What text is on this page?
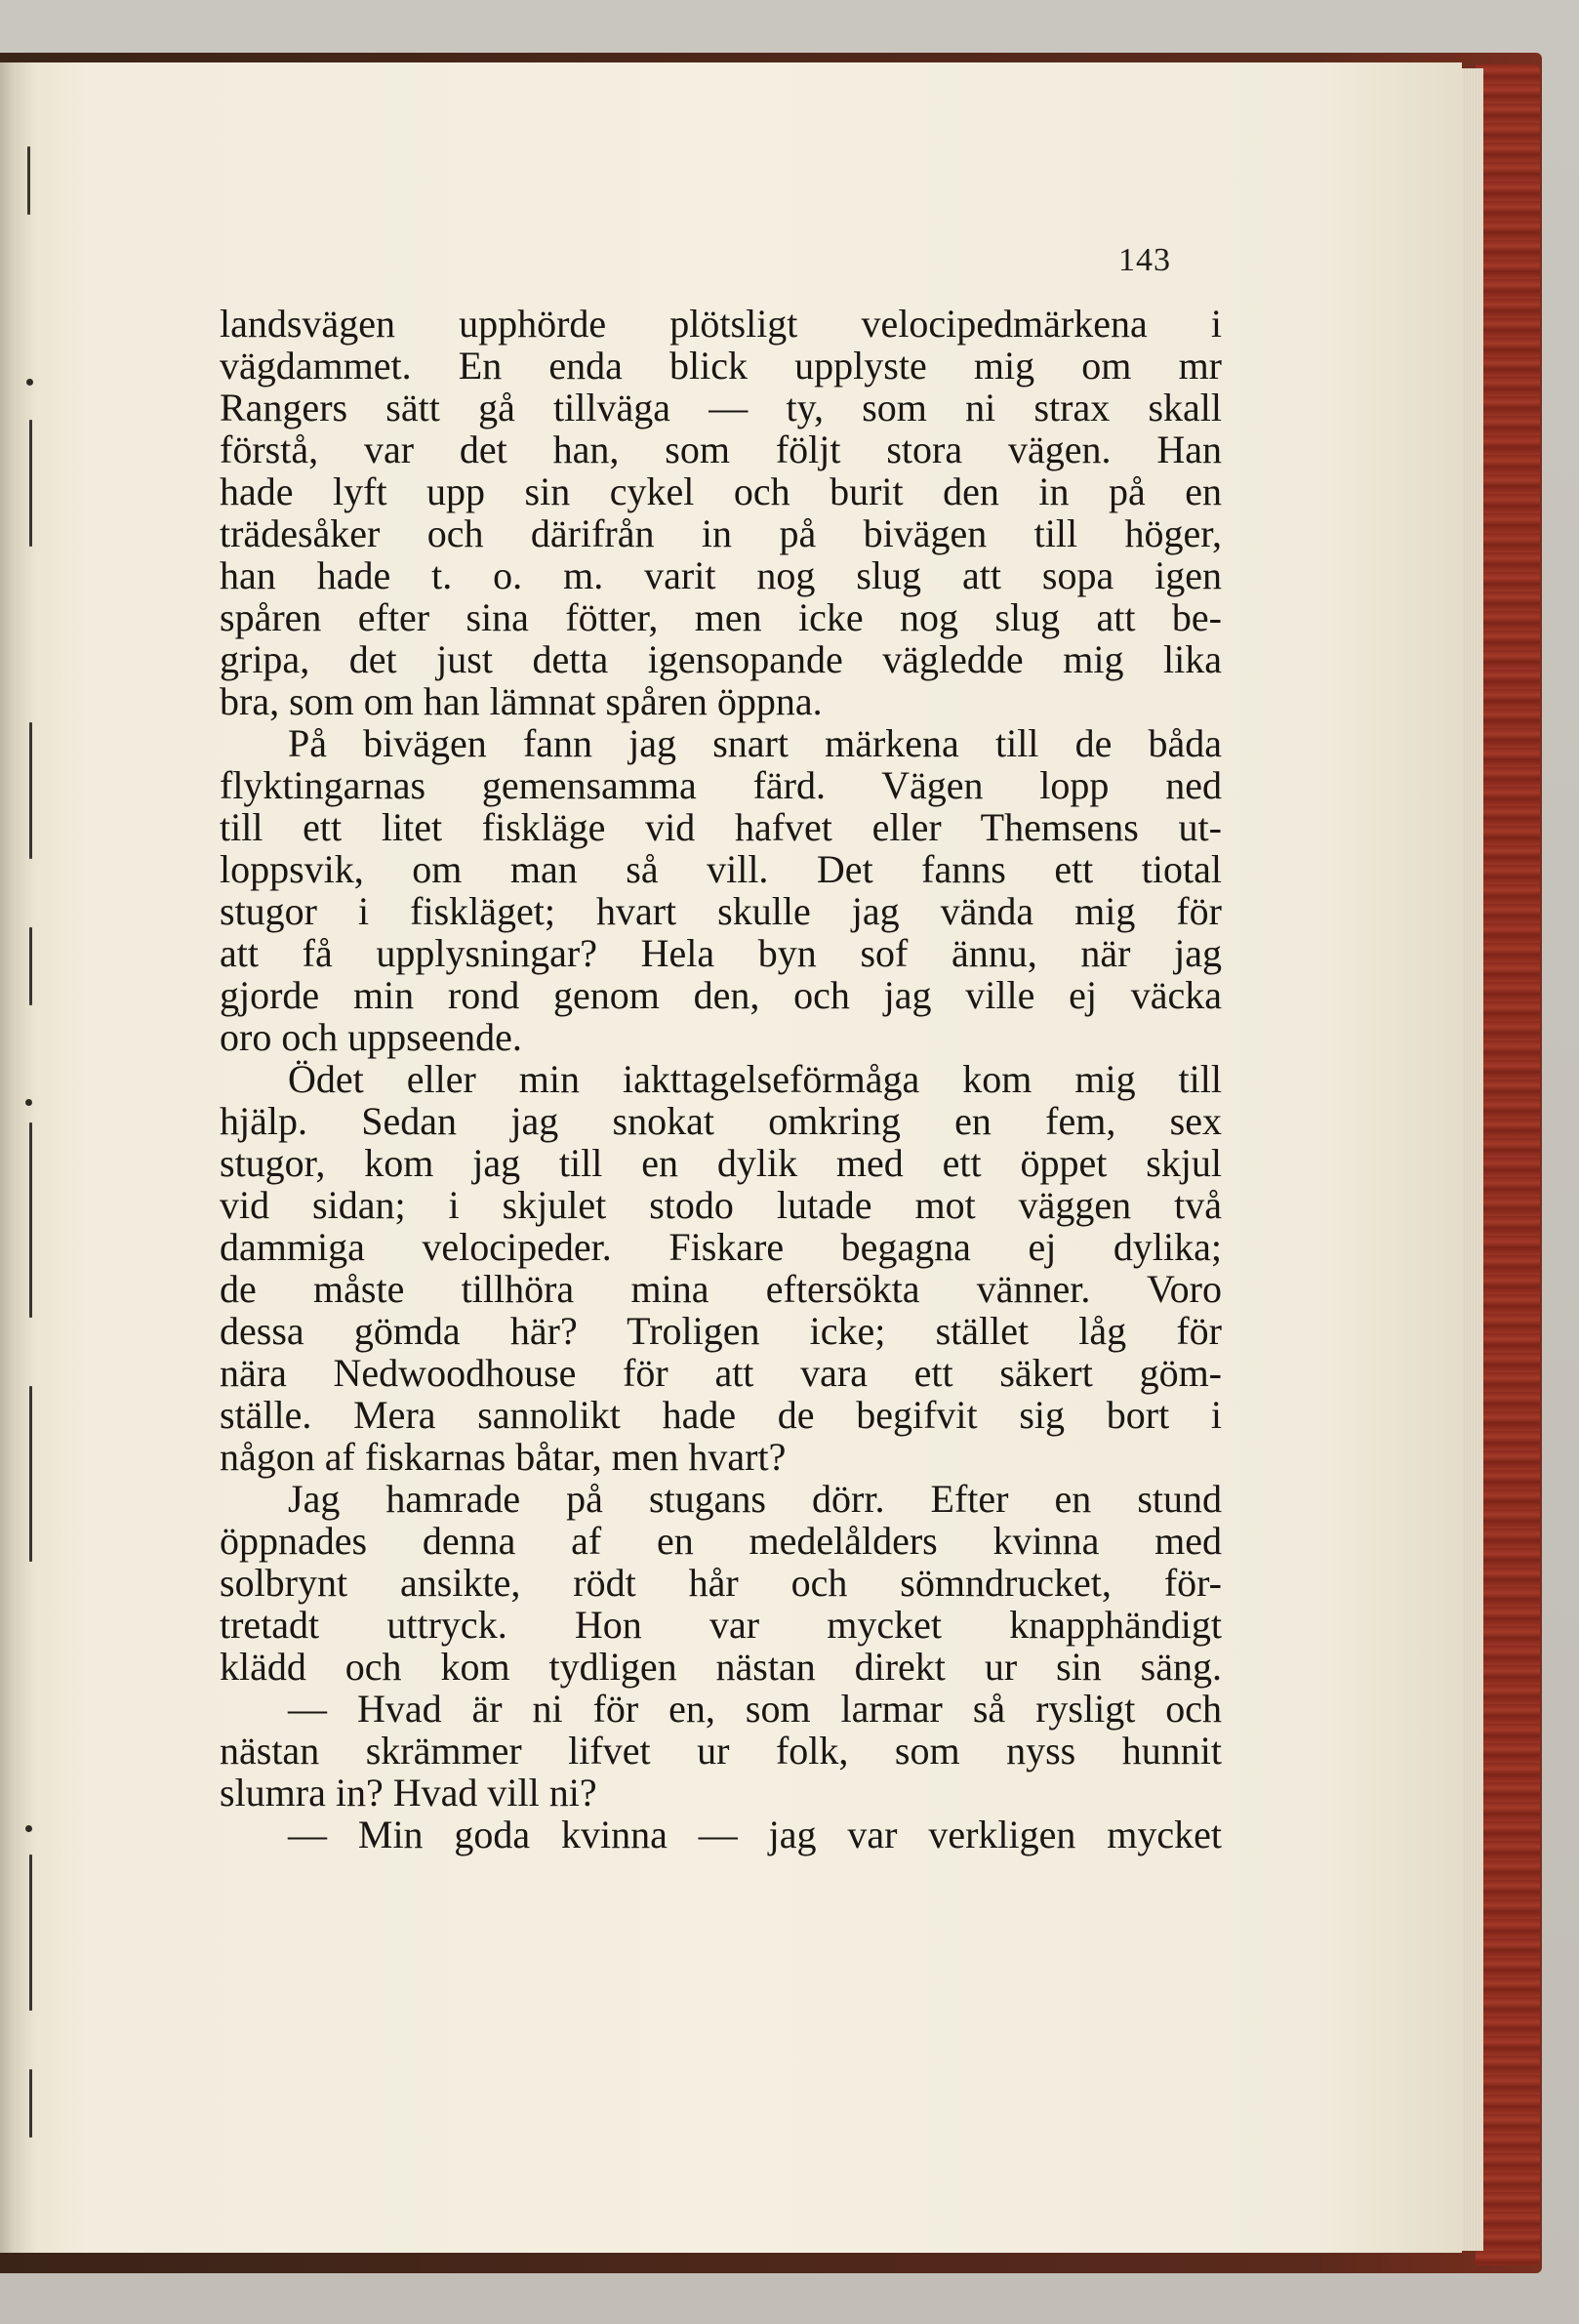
143
landsvägen upphörde plötsligt velocipedmärkena i
vägdammet. En enda blick upplyste mig om mr
Rangers sätt gå tillväga — ty, som ni strax skall
förstå, var det han, som följt stora vägen. Han
hade lyft upp sin cykel och burit den in på en
trädesåker och därifrån in på bivägen till höger,
han hade t. o. m. varit nog slug att sopa igen
spåren efter sina fötter, men icke nog slug att be-
gripa, det just detta igensopande vägledde mig lika
bra, som om han lämnat spåren öppna.
På bivägen fann jag snart märkena till de båda
flyktingarnas gemensamma färd. Vägen lopp ned
till ett litet fiskläge vid hafvet eller Themsens ut-
loppsvik, om man så vill. Det fanns ett tiotal
stugor i fiskläget; hvart skulle jag vända mig för
att få upplysningar? Hela byn sof ännu, när jag
gjorde min rond genom den, och jag ville ej väcka
oro och uppseende.
Ödet eller min iakttagelseförmåga kom mig till
hjälp. Sedan jag snokat omkring en fem, sex
stugor, kom jag till en dylik med ett öppet skjul
vid sidan; i skjulet stodo lutade mot väggen två
dammiga velocipeder. Fiskare begagna ej dylika;
de måste tillhöra mina eftersökta vänner. Voro
dessa gömda här? Troligen icke; stället låg för
nära Nedwoodhouse för att vara ett säkert göm-
ställe. Mera sannolikt hade de begifvit sig bort i
någon af fiskarnas båtar, men hvart?
Jag hamrade på stugans dörr. Efter en stund
öppnades denna af en medelålders kvinna med
solbrynt ansikte, rödt hår och sömndrucket, för-
tretadt uttryck. Hon var mycket knapphändigt
klädd och kom tydligen nästan direkt ur sin säng.
— Hvad är ni för en, som larmar så rysligt och
nästan skrämmer lifvet ur folk, som nyss hunnit
slumra in? Hvad vill ni?
— Min goda kvinna — jag var verkligen mycket
